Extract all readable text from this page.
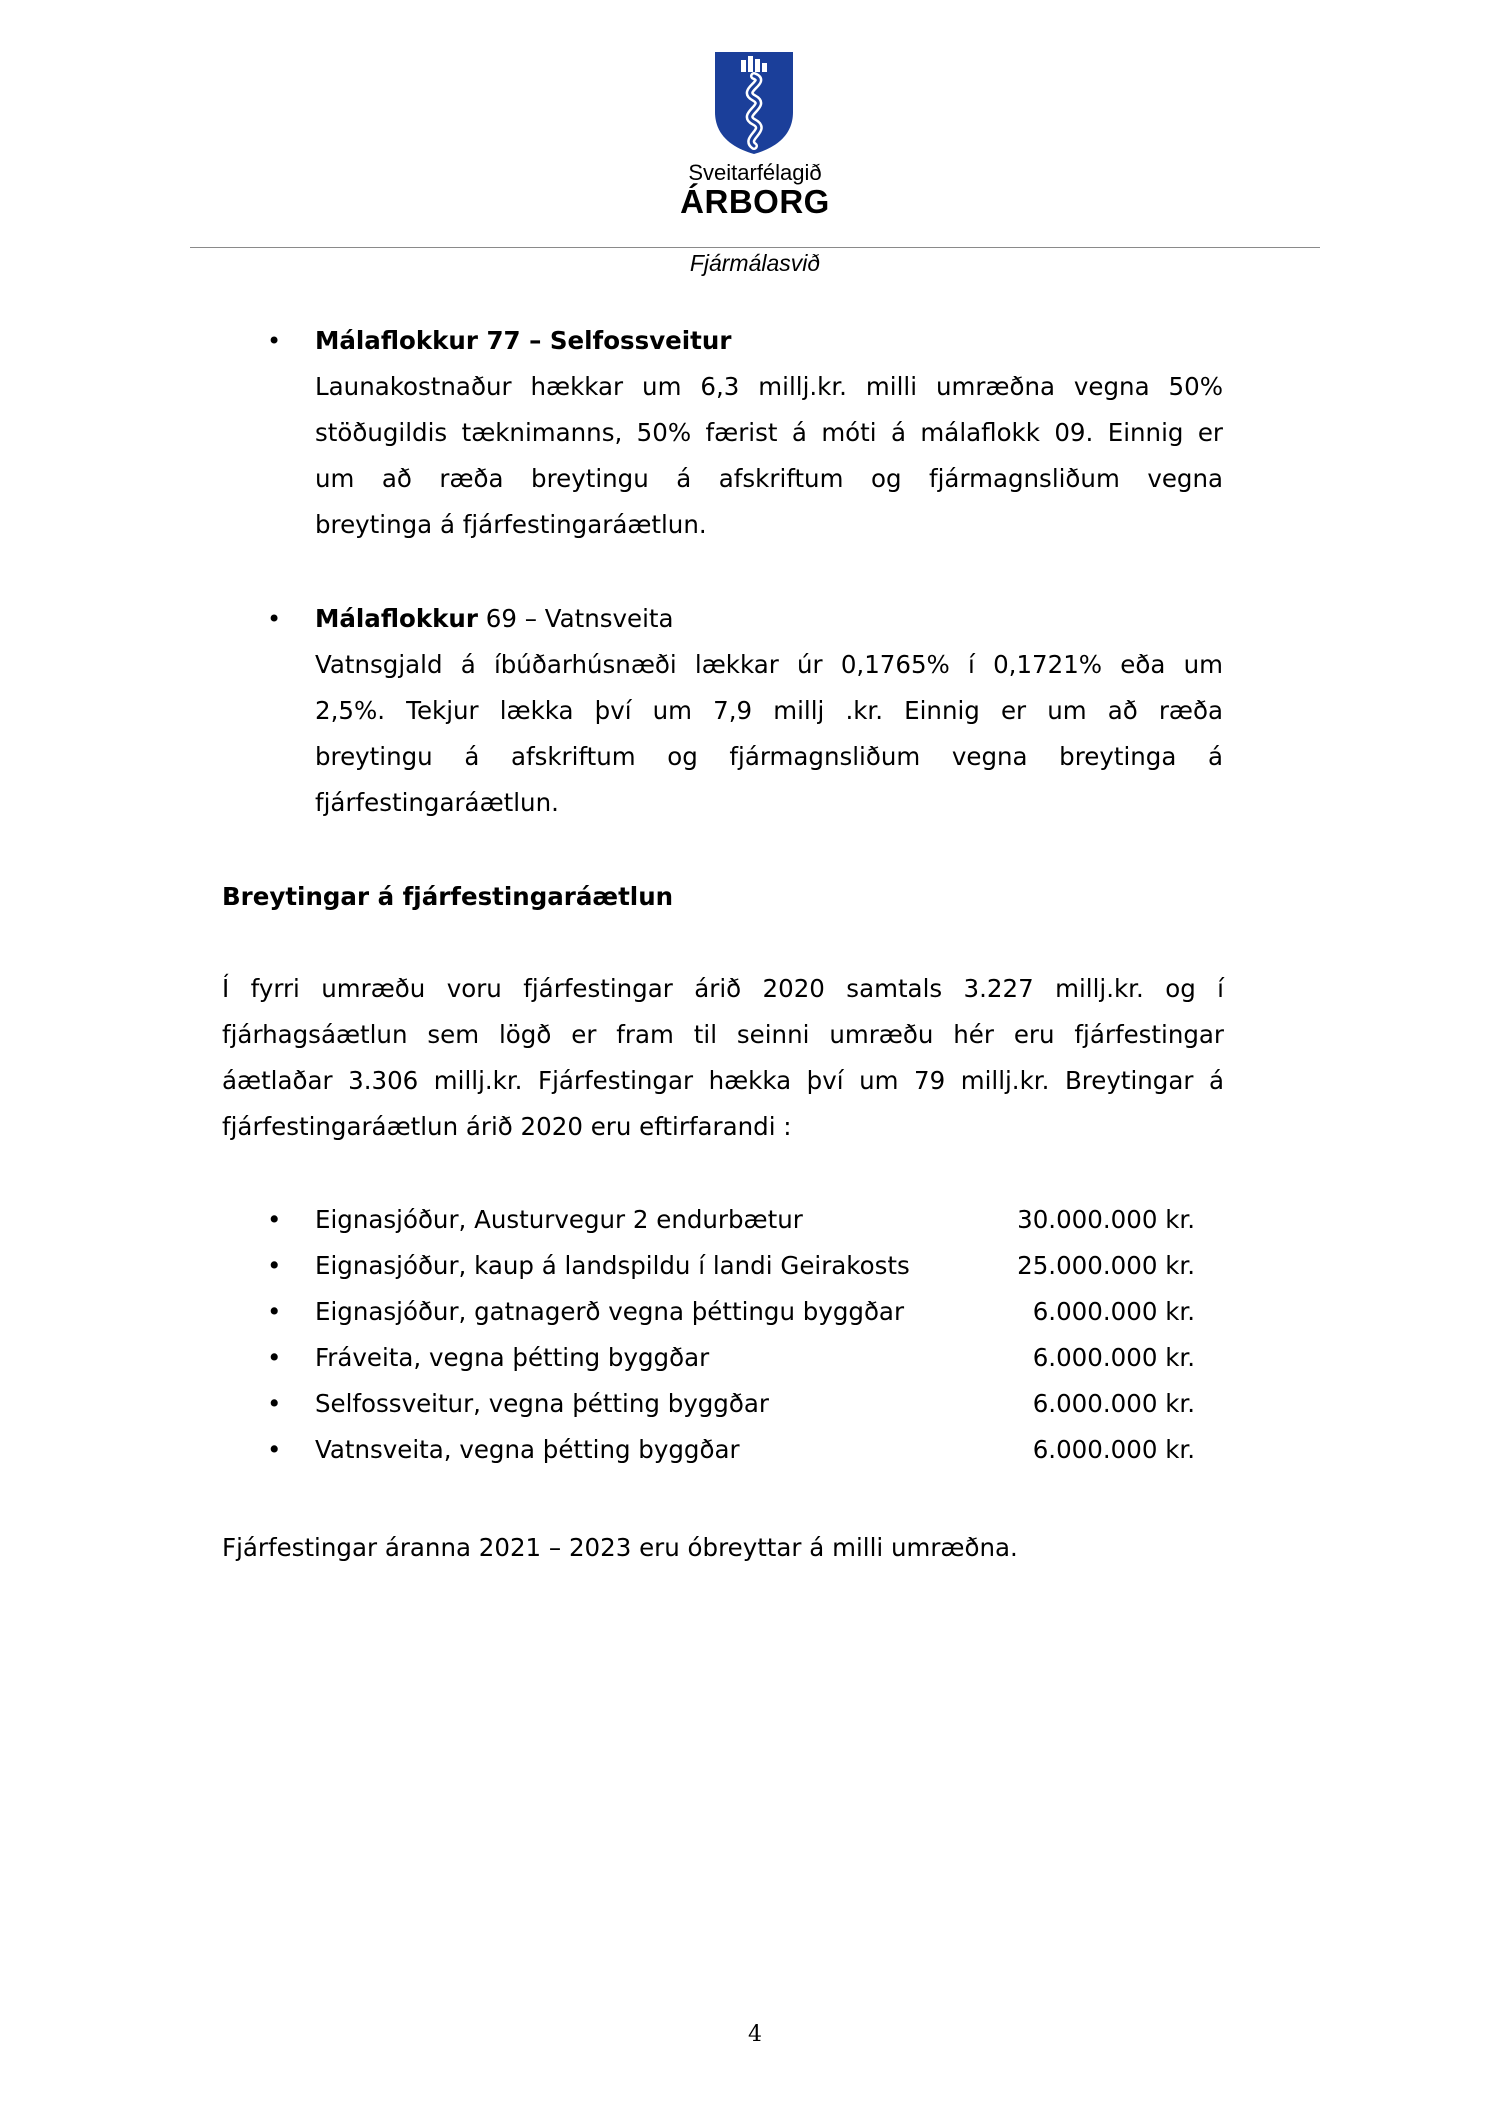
Sveitarfélagið
ÁRBORG
Fjármálasvið
• Málaflokkur 77 – Selfossveitur
Launakostnaður hækkar um 6,3 millj.kr. milli umræðna vegna 50%
stöðugildis tæknimanns, 50% færist á móti á málaflokk 09. Einnig er
um að ræða breytingu á afskriftum og fjármagnsliðum vegna
breytinga á fjárfestingaráætlun.
• Málaflokkur 69 – Vatnsveita
Vatnsgjald á íbúðarhúsnæði lækkar úr 0,1765% í 0,1721% eða um
2,5%. Tekjur lækka því um 7,9 millj .kr. Einnig er um að ræða
breytingu á afskriftum og fjármagnsliðum vegna breytinga á
fjárfestingaráætlun.
Breytingar á fjárfestingaráætlun
Í fyrri umræðu voru fjárfestingar árið 2020 samtals 3.227 millj.kr. og í
fjárhagsáætlun sem lögð er fram til seinni umræðu hér eru fjárfestingar
áætlaðar 3.306 millj.kr. Fjárfestingar hækka því um 79 millj.kr. Breytingar á
fjárfestingaráætlun árið 2020 eru eftirfarandi :
• Eignasjóður, Austurvegur 2 endurbætur	30.000.000 kr.
• Eignasjóður, kaup á landspildu í landi Geirakosts	25.000.000 kr.
• Eignasjóður, gatnagerð vegna þéttingu byggðar	6.000.000 kr.
• Fráveita, vegna þétting byggðar	6.000.000 kr.
• Selfossveitur, vegna þétting byggðar	6.000.000 kr.
• Vatnsveita, vegna þétting byggðar	6.000.000 kr.
Fjárfestingar áranna 2021 – 2023 eru óbreyttar á milli umræðna.
4
